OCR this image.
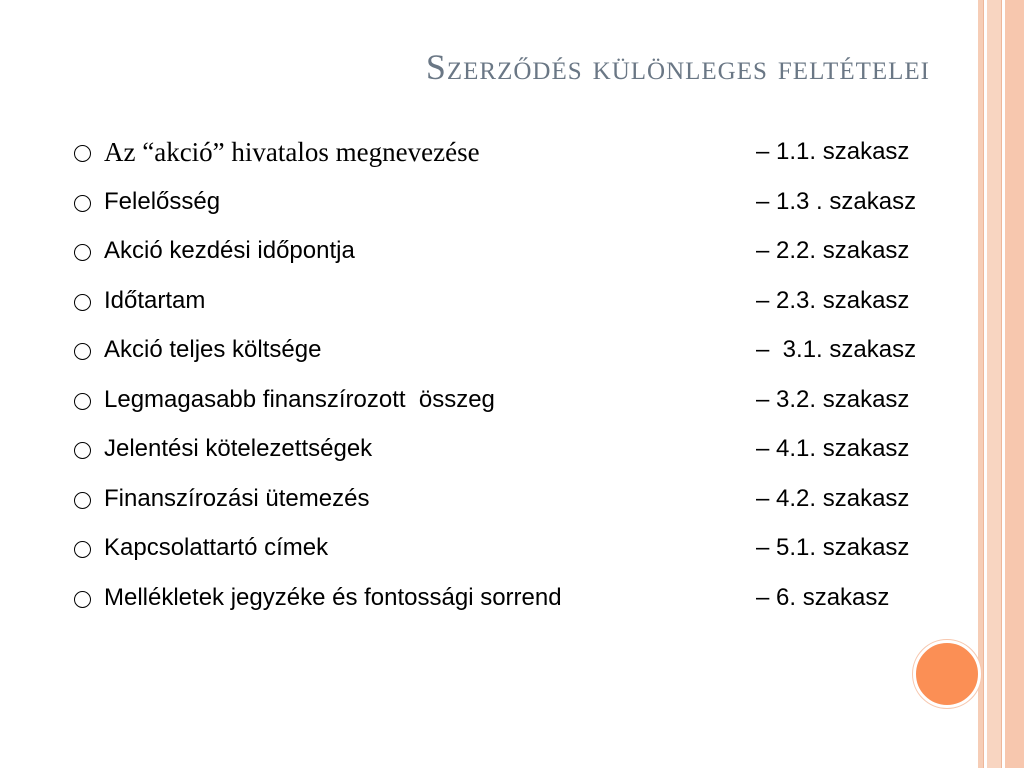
Szerződés különleges feltételei
Az “akció” hivatalos megnevezése	– 1.1. szakasz
Felelősség	– 1.3 . szakasz
Akció kezdési időpontja	– 2.2. szakasz
Időtartam	– 2.3. szakasz
Akció teljes költsége	–  3.1. szakasz
Legmagasabb finanszírozott  összeg	– 3.2. szakasz
Jelentési kötelezettségek	– 4.1. szakasz
Finanszírozási ütemezés	– 4.2. szakasz
Kapcsolattartó címek	– 5.1. szakasz
Mellékletek jegyzéke és fontossági sorrend	– 6. szakasz
